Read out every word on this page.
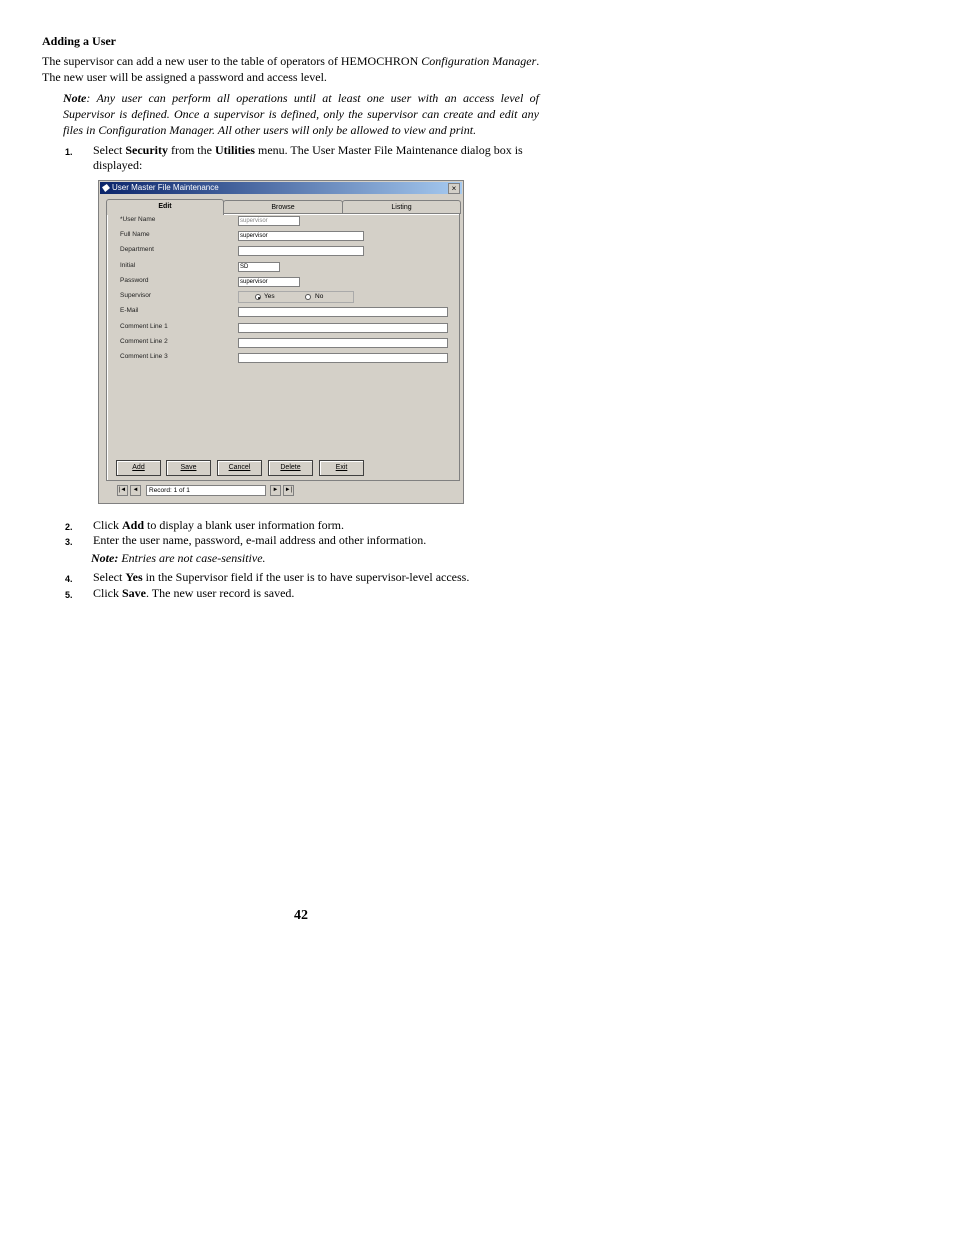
Adding a User
The supervisor can add a new user to the table of operators of HEMOCHRON Configuration Manager. The new user will be assigned a password and access level.
Note: Any user can perform all operations until at least one user with an access level of Supervisor is defined. Once a supervisor is defined, only the supervisor can create and edit any files in Configuration Manager. All other users will only be allowed to view and print.
1. Select Security from the Utilities menu. The User Master File Maintenance dialog box is displayed:
User Master File Maintenance	×
Edit	Browse	Listing
*User Name	supervisor
Full Name	supervisor
Department
Initial	SD
Password	supervisor
Supervisor	Yes	No
E-Mail
Comment Line 1
Comment Line 2
Comment Line 3
Add	Save	Cancel	Delete	Exit
|◄	◄	Record: 1 of 1	►	►|
2. Click Add to display a blank user information form.
3. Enter the user name, password, e-mail address and other information.
Note: Entries are not case-sensitive.
4. Select Yes in the Supervisor field if the user is to have supervisor-level access.
5. Click Save. The new user record is saved.
42
